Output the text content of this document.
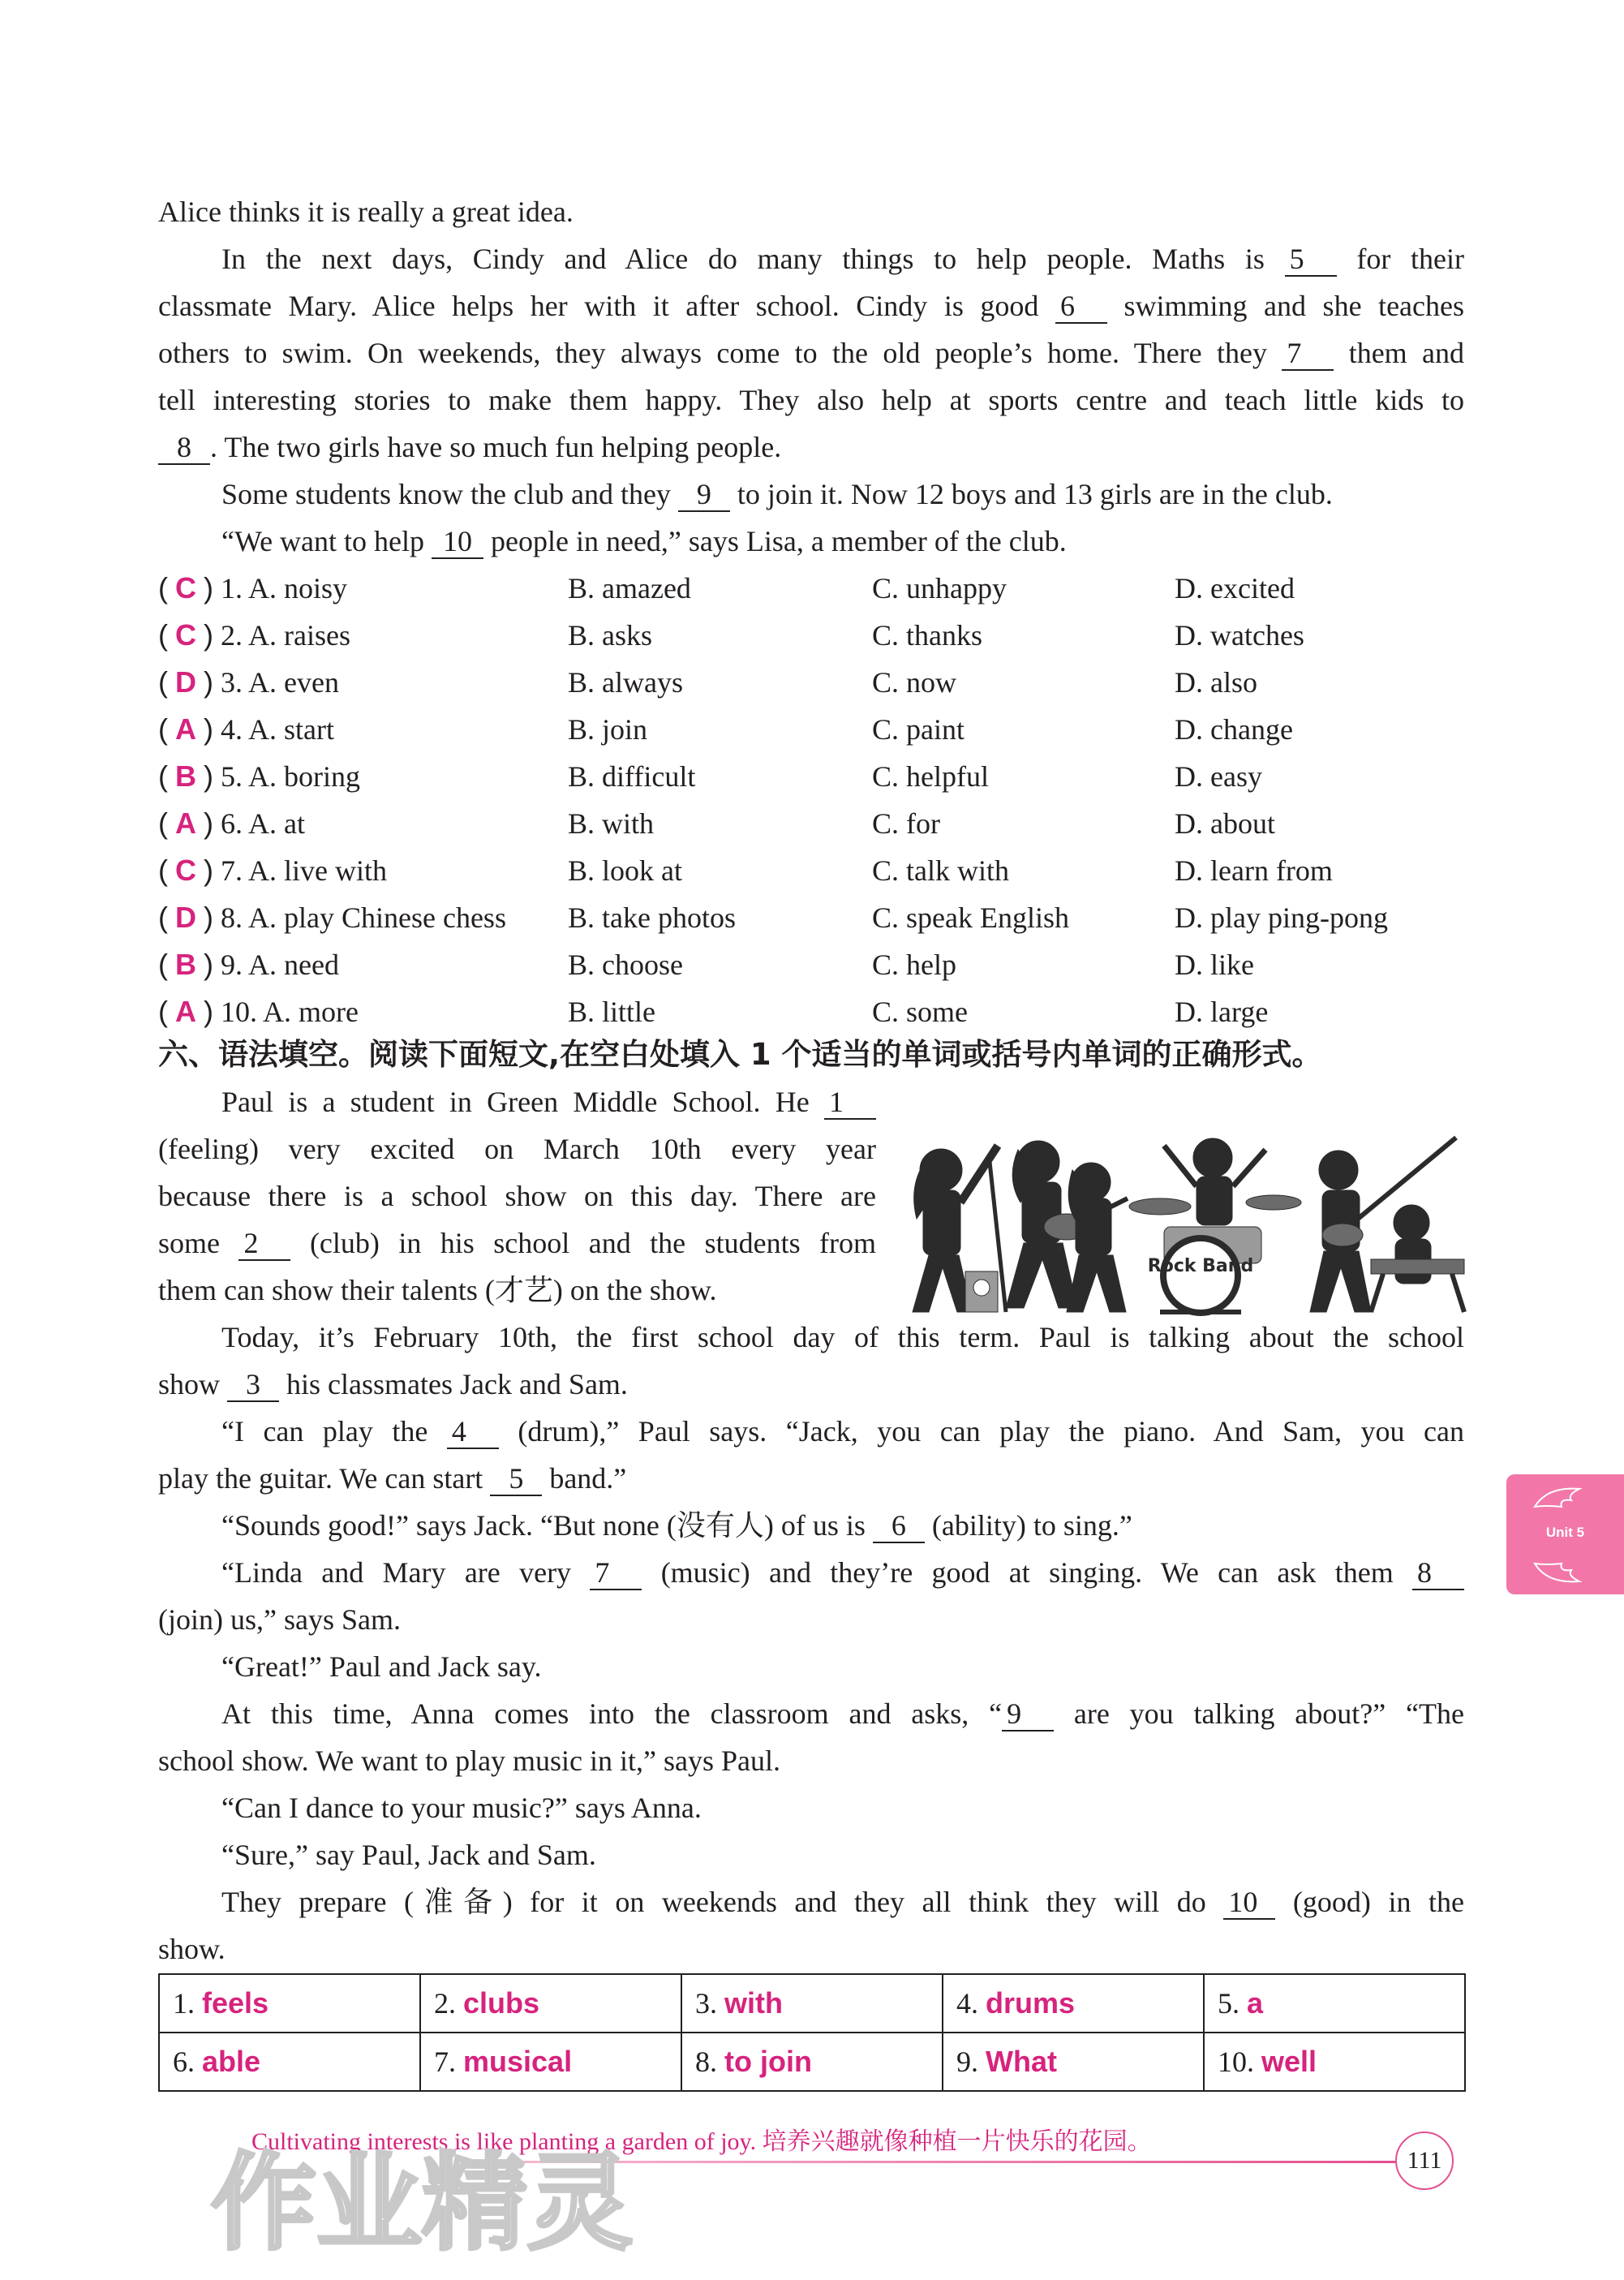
Alice thinks it is really a great idea.
In the next days, Cindy and Alice do many things to help people. Maths is 5 for their
classmate Mary. Alice helps her with it after school. Cindy is good 6 swimming and she teaches
others to swim. On weekends, they always come to the old people’s home. There they 7 them and
tell interesting stories to make them happy. They also help at sports centre and teach little kids to
8 . The two girls have so much fun helping people.
Some students know the club and they 9 to join it. Now 12 boys and 13 girls are in the club.
“We want to help 10 people in need,” says Lisa, a member of the club.
( C ) 1. A. noisy	B. amazed	C. unhappy	D. excited
( C ) 2. A. raises	B. asks	C. thanks	D. watches
( D ) 3. A. even	B. always	C. now	D. also
( A ) 4. A. start	B. join	C. paint	D. change
( B ) 5. A. boring	B. difficult	C. helpful	D. easy
( A ) 6. A. at	B. with	C. for	D. about
( C ) 7. A. live with	B. look at	C. talk with	D. learn from
( D ) 8. A. play Chinese chess B. take photos	C. speak English	D. play ping-pong
( B ) 9. A. need	B. choose	C. help	D. like
( A ) 10. A. more	B. little	C. some	D. large
六、语法填空。阅读下面短文,在空白处填入 1 个适当的单词或括号内单词的正确形式。
Paul is a student in Green Middle School. He 1
(feeling) very excited on March 10th every year
because there is a school show on this day. There are
some 2 (club) in his school and the students from
them can show their talents (才艺) on the show.
Today, it’s February 10th, the first school day of this term. Paul is talking about the school
show 3 his classmates Jack and Sam.
“I can play the 4 (drum),” Paul says. “Jack, you can play the piano. And Sam, you can
play the guitar. We can start 5 band.”
“Sounds good!” says Jack. “But none (没有人) of us is 6 (ability) to sing.”
“Linda and Mary are very 7 (music) and they’re good at singing. We can ask them 8
(join) us,” says Sam.
“Great!” Paul and Jack say.
At this time, Anna comes into the classroom and asks, “ 9 are you talking about?” “The
school show. We want to play music in it,” says Paul.
“Can I dance to your music?” says Anna.
“Sure,” say Paul, Jack and Sam.
They prepare (准备) for it on weekends and they all think they will do 10 (good) in the
show.
Rock Band
1. feels	2. clubs	3. with	4. drums	5. a
6. able	7. musical	8. to join	9. What	10. well
Unit 5
Cultivating interests is like planting a garden of joy. 培养兴趣就像种植一片快乐的花园。
111
作业精灵
